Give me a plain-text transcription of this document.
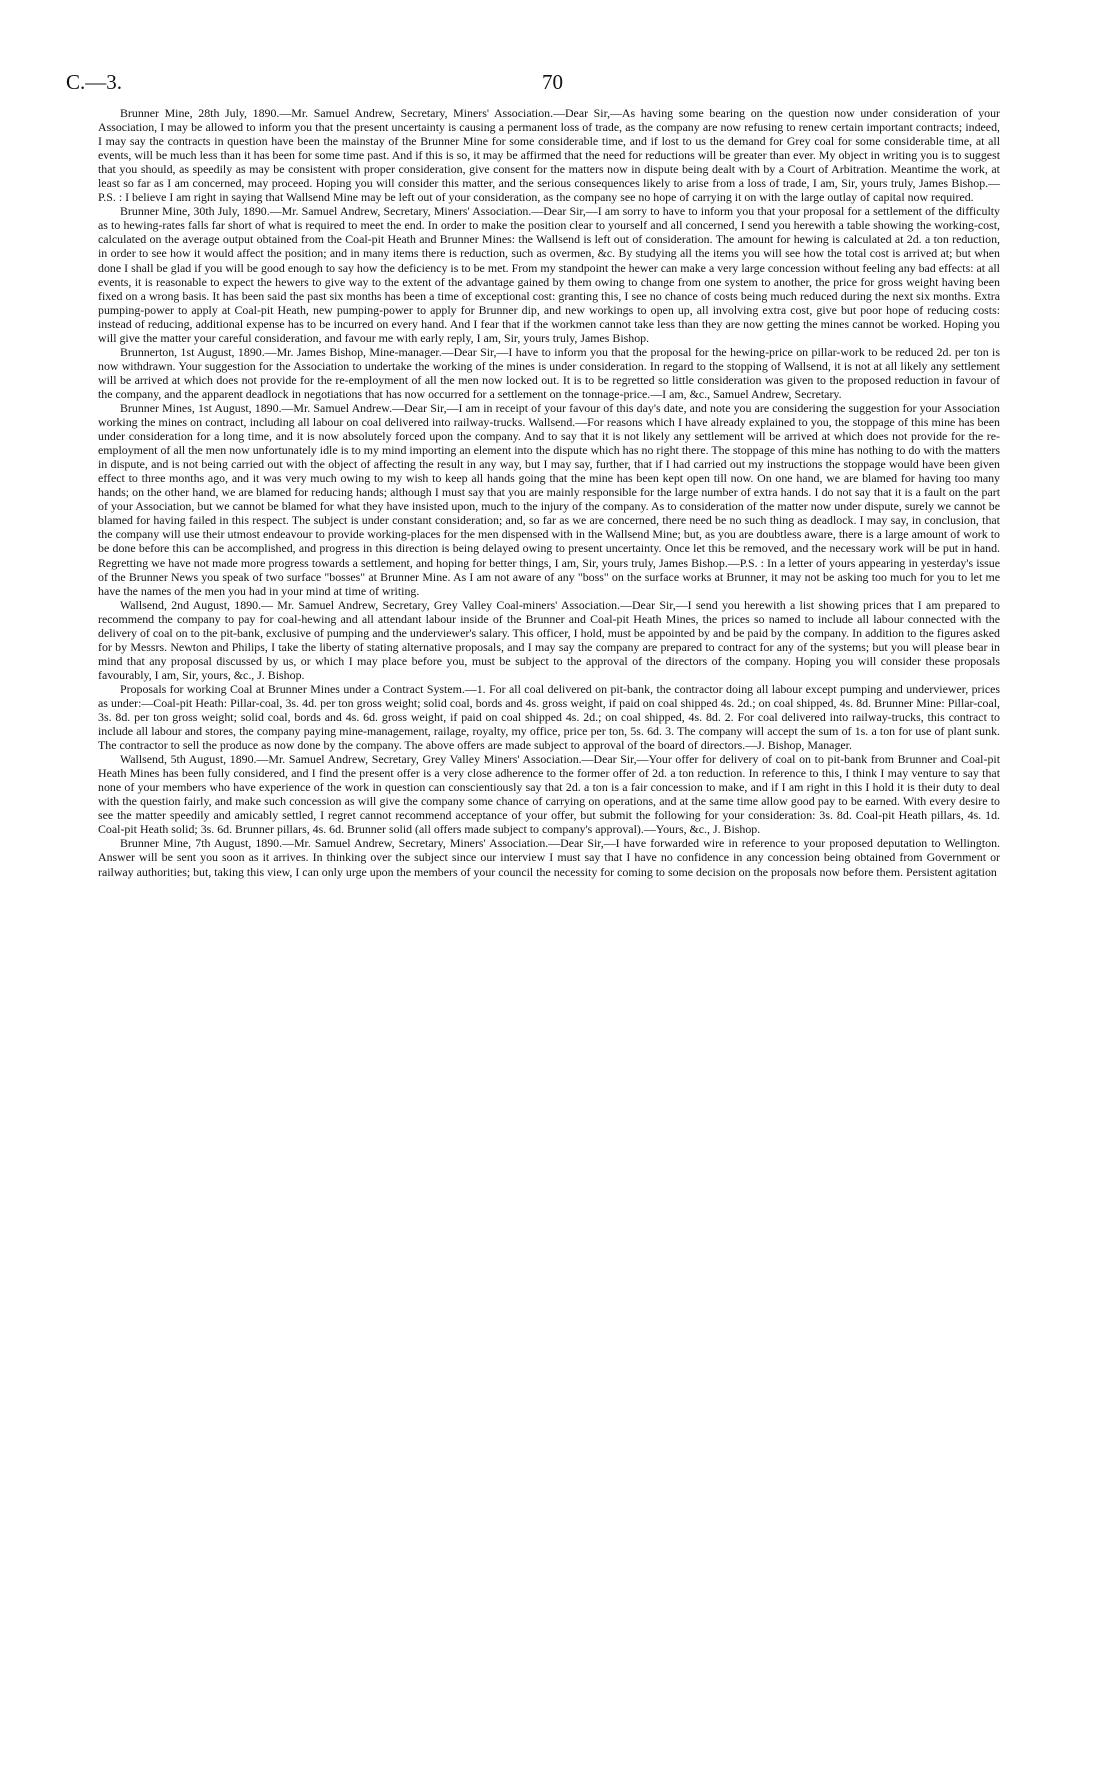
C.—3.	70

Brunner Mine, 28th July, 1890.—Mr. Samuel Andrew, Secretary, Miners' Association.—Dear Sir,—As having some bearing on the question now under consideration of your Association, I may be allowed to inform you that the present uncertainty is causing a permanent loss of trade, as the company are now refusing to renew certain important contracts; indeed, I may say the contracts in question have been the mainstay of the Brunner Mine for some considerable time, and if lost to us the demand for Grey coal for some considerable time, at all events, will be much less than it has been for some time past. And if this is so, it may be affirmed that the need for reductions will be greater than ever. My object in writing you is to suggest that you should, as speedily as may be consistent with proper consideration, give consent for the matters now in dispute being dealt with by a Court of Arbitration. Meantime the work, at least so far as I am concerned, may proceed. Hoping you will consider this matter, and the serious consequences likely to arise from a loss of trade, I am, Sir, yours truly, James Bishop.—P.S. : I believe I am right in saying that Wallsend Mine may be left out of your consideration, as the company see no hope of carrying it on with the large outlay of capital now required.

Brunner Mine, 30th July, 1890.—Mr. Samuel Andrew, Secretary, Miners' Association.—Dear Sir,—I am sorry to have to inform you that your proposal for a settlement of the difficulty as to hewing-rates falls far short of what is required to meet the end. In order to make the position clear to yourself and all concerned, I send you herewith a table showing the working-cost, calculated on the average output obtained from the Coal-pit Heath and Brunner Mines: the Wallsend is left out of consideration. The amount for hewing is calculated at 2d. a ton reduction, in order to see how it would affect the position; and in many items there is reduction, such as overmen, &c. By studying all the items you will see how the total cost is arrived at; but when done I shall be glad if you will be good enough to say how the deficiency is to be met. From my standpoint the hewer can make a very large concession without feeling any bad effects: at all events, it is reasonable to expect the hewers to give way to the extent of the advantage gained by them owing to change from one system to another, the price for gross weight having been fixed on a wrong basis. It has been said the past six months has been a time of exceptional cost: granting this, I see no chance of costs being much reduced during the next six months. Extra pumping-power to apply at Coal-pit Heath, new pumping-power to apply for Brunner dip, and new workings to open up, all involving extra cost, give but poor hope of reducing costs: instead of reducing, additional expense has to be incurred on every hand. And I fear that if the workmen cannot take less than they are now getting the mines cannot be worked. Hoping you will give the matter your careful consideration, and favour me with early reply, I am, Sir, yours truly, James Bishop.

Brunnerton, 1st August, 1890.—Mr. James Bishop, Mine-manager.—Dear Sir,—I have to inform you that the proposal for the hewing-price on pillar-work to be reduced 2d. per ton is now withdrawn. Your suggestion for the Association to undertake the working of the mines is under consideration. In regard to the stopping of Wallsend, it is not at all likely any settlement will be arrived at which does not provide for the re-employment of all the men now locked out. It is to be regretted so little consideration was given to the proposed reduction in favour of the company, and the apparent deadlock in negotiations that has now occurred for a settlement on the tonnage-price.—I am, &c., Samuel Andrew, Secretary.

Brunner Mines, 1st August, 1890.—Mr. Samuel Andrew.—Dear Sir,—I am in receipt of your favour of this day's date, and note you are considering the suggestion for your Association working the mines on contract, including all labour on coal delivered into railway-trucks. Wallsend.—For reasons which I have already explained to you, the stoppage of this mine has been under consideration for a long time, and it is now absolutely forced upon the company. And to say that it is not likely any settlement will be arrived at which does not provide for the re-employment of all the men now unfortunately idle is to my mind importing an element into the dispute which has no right there. The stoppage of this mine has nothing to do with the matters in dispute, and is not being carried out with the object of affecting the result in any way, but I may say, further, that if I had carried out my instructions the stoppage would have been given effect to three months ago, and it was very much owing to my wish to keep all hands going that the mine has been kept open till now. On one hand, we are blamed for having too many hands; on the other hand, we are blamed for reducing hands; although I must say that you are mainly responsible for the large number of extra hands. I do not say that it is a fault on the part of your Association, but we cannot be blamed for what they have insisted upon, much to the injury of the company. As to consideration of the matter now under dispute, surely we cannot be blamed for having failed in this respect. The subject is under constant consideration; and, so far as we are concerned, there need be no such thing as deadlock. I may say, in conclusion, that the company will use their utmost endeavour to provide working-places for the men dispensed with in the Wallsend Mine; but, as you are doubtless aware, there is a large amount of work to be done before this can be accomplished, and progress in this direction is being delayed owing to present uncertainty. Once let this be removed, and the necessary work will be put in hand. Regretting we have not made more progress towards a settlement, and hoping for better things, I am, Sir, yours truly, James Bishop.—P.S. : In a letter of yours appearing in yesterday's issue of the Brunner News you speak of two surface "bosses" at Brunner Mine. As I am not aware of any "boss" on the surface works at Brunner, it may not be asking too much for you to let me have the names of the men you had in your mind at time of writing.

Wallsend, 2nd August, 1890.— Mr. Samuel Andrew, Secretary, Grey Valley Coal-miners' Association.—Dear Sir,—I send you herewith a list showing prices that I am prepared to recommend the company to pay for coal-hewing and all attendant labour inside of the Brunner and Coal-pit Heath Mines, the prices so named to include all labour connected with the delivery of coal on to the pit-bank, exclusive of pumping and the underviewer's salary. This officer, I hold, must be appointed by and be paid by the company. In addition to the figures asked for by Messrs. Newton and Philips, I take the liberty of stating alternative proposals, and I may say the company are prepared to contract for any of the systems; but you will please bear in mind that any proposal discussed by us, or which I may place before you, must be subject to the approval of the directors of the company. Hoping you will consider these proposals favourably, I am, Sir, yours, &c., J. Bishop.

Proposals for working Coal at Brunner Mines under a Contract System.—1. For all coal delivered on pit-bank, the contractor doing all labour except pumping and underviewer, prices as under:—Coal-pit Heath: Pillar-coal, 3s. 4d. per ton gross weight; solid coal, bords and 4s. gross weight, if paid on coal shipped 4s. 2d.; on coal shipped, 4s. 8d. Brunner Mine: Pillar-coal, 3s. 8d. per ton gross weight; solid coal, bords and 4s. 6d. gross weight, if paid on coal shipped 4s. 2d.; on coal shipped, 4s. 8d. 2. For coal delivered into railway-trucks, this contract to include all labour and stores, the company paying mine-management, railage, royalty, my office, price per ton, 5s. 6d. 3. The company will accept the sum of 1s. a ton for use of plant sunk. The contractor to sell the produce as now done by the company. The above offers are made subject to approval of the board of directors.—J. Bishop, Manager.

Wallsend, 5th August, 1890.—Mr. Samuel Andrew, Secretary, Grey Valley Miners' Association.—Dear Sir,—Your offer for delivery of coal on to pit-bank from Brunner and Coal-pit Heath Mines has been fully considered, and I find the present offer is a very close adherence to the former offer of 2d. a ton reduction. In reference to this, I think I may venture to say that none of your members who have experience of the work in question can conscientiously say that 2d. a ton is a fair concession to make, and if I am right in this I hold it is their duty to deal with the question fairly, and make such concession as will give the company some chance of carrying on operations, and at the same time allow good pay to be earned. With every desire to see the matter speedily and amicably settled, I regret cannot recommend acceptance of your offer, but submit the following for your consideration: 3s. 8d. Coal-pit Heath pillars, 4s. 1d. Coal-pit Heath solid; 3s. 6d. Brunner pillars, 4s. 6d. Brunner solid (all offers made subject to company's approval).—Yours, &c., J. Bishop.

Brunner Mine, 7th August, 1890.—Mr. Samuel Andrew, Secretary, Miners' Association.—Dear Sir,—I have forwarded wire in reference to your proposed deputation to Wellington. Answer will be sent you soon as it arrives. In thinking over the subject since our interview I must say that I have no confidence in any concession being obtained from Government or railway authorities; but, taking this view, I can only urge upon the members of your council the necessity for coming to some decision on the proposals now before them. Persistent agitation
